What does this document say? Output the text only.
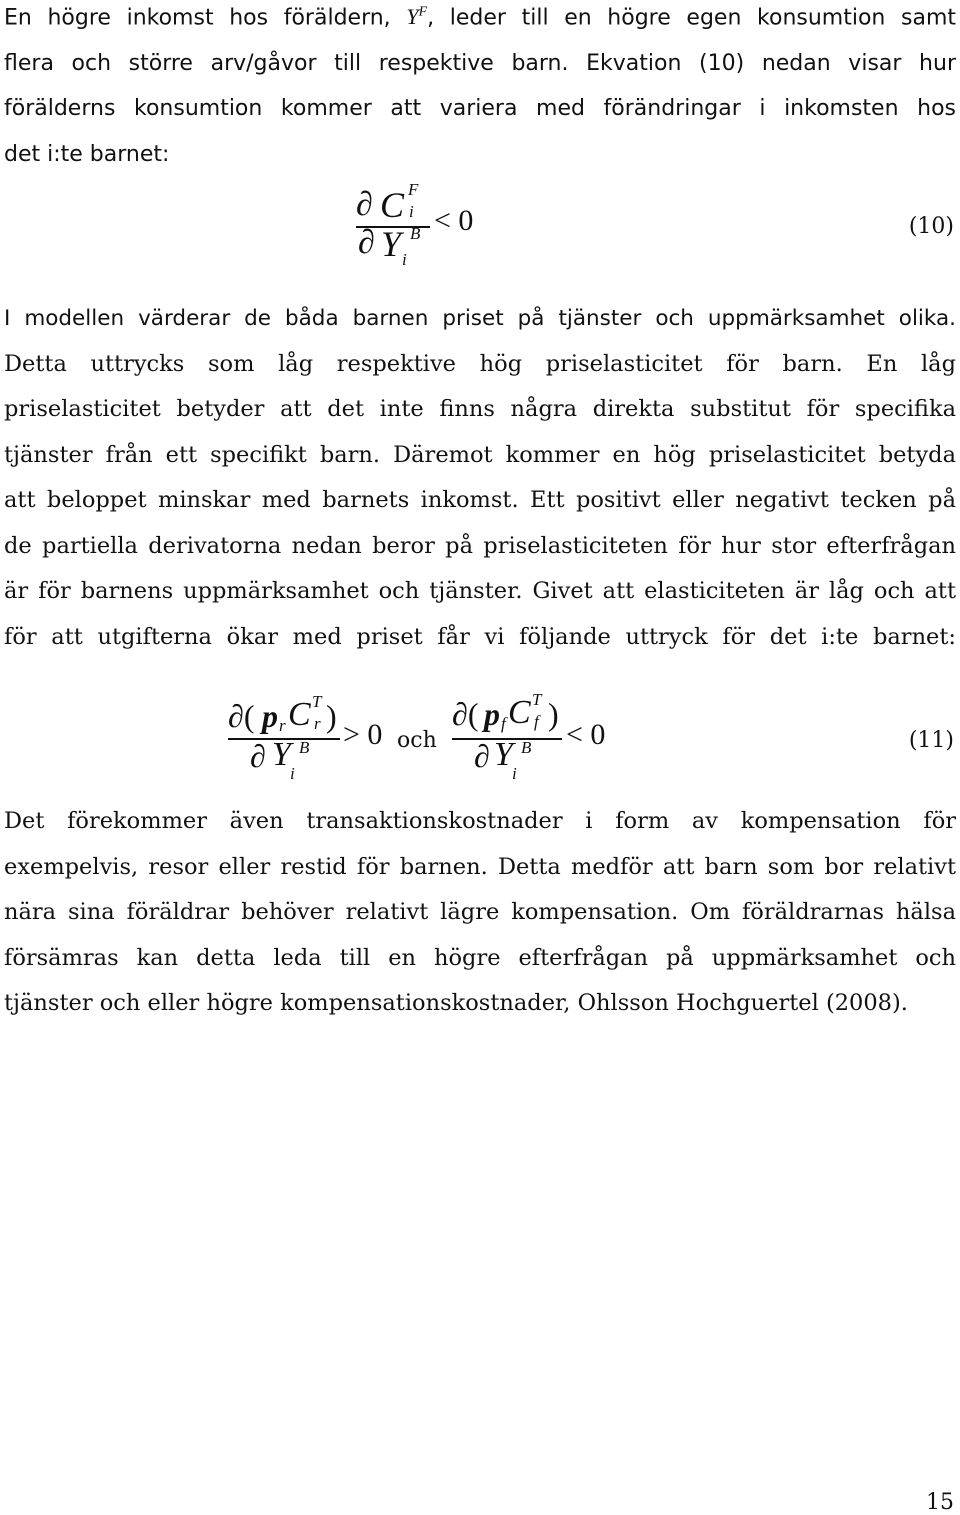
En högre inkomst hos föräldern, $Y^F$, leder till en högre egen konsumtion samt
flera och större arv/gåvor till respektive barn. Ekvation (10) nedan visar hur
förälderns konsumtion kommer att variera med förändringar i inkomsten hos
det i:te barnet:
∂ C F
i
∂ Y B
i
< 0	(10)
I modellen värderar de båda barnen priset på tjänster och uppmärksamhet olika.
Detta uttrycks som låg respektive hög priselasticitet för barn. En låg
priselasticitet betyder att det inte finns några direkta substitut för specifika
tjänster från ett specifikt barn. Däremot kommer en hög priselasticitet betyda
att beloppet minskar med barnets inkomst. Ett positivt eller negativt tecken på
de partiella derivatorna nedan beror på priselasticiteten för hur stor efterfrågan
är för barnens uppmärksamhet och tjänster. Givet att elasticiteten är låg och att
för att utgifterna ökar med priset får vi följande uttryck för det i:te barnet:
∂( p r C T
r )
∂ Y B
i
> 0 och
∂( p f C T
f )
∂ Y B
i
< 0	(11)
Det förekommer även transaktionskostnader i form av kompensation för
exempelvis, resor eller restid för barnen. Detta medför att barn som bor relativt
nära sina föräldrar behöver relativt lägre kompensation. Om föräldrarnas hälsa
försämras kan detta leda till en högre efterfrågan på uppmärksamhet och
tjänster och eller högre kompensationskostnader, Ohlsson Hochguertel (2008).
15
